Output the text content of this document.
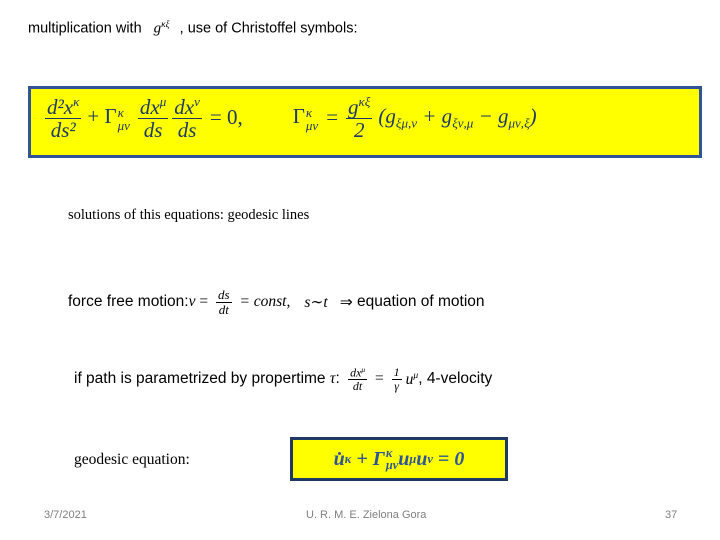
multiplication with $g^{\kappa\xi}$ , use of Christoffel symbols:
$\frac{d^2x^\kappa}{\text{ds²}} + \Gamma$ κ
μν $\frac{dx^\mu}{ds} \frac{dx^\nu}{ds} = 0$, Γ κ
$\mu\nu = \frac{g^{\kappa\xi}}{2} (g_{\xi\mu,\nu} + g_{\xi\nu,\mu} - g_{\mu\nu,\xi})$
solutions of this equations: geodesic lines
force free motion: $v = \frac{ds}{dt}$ = const, s∼t ⇒ equation of motion
if path is parametrized by propertime τ : $\frac{dx^\mu}{dt} = \frac{1}{\gamma} u^\mu$ , 4-velocity
geodesic equation:	u̇ κ + Γ κ
μν u μ u ν = 0
3/7/2021	U. R. M. E. Zielona Gora	37
